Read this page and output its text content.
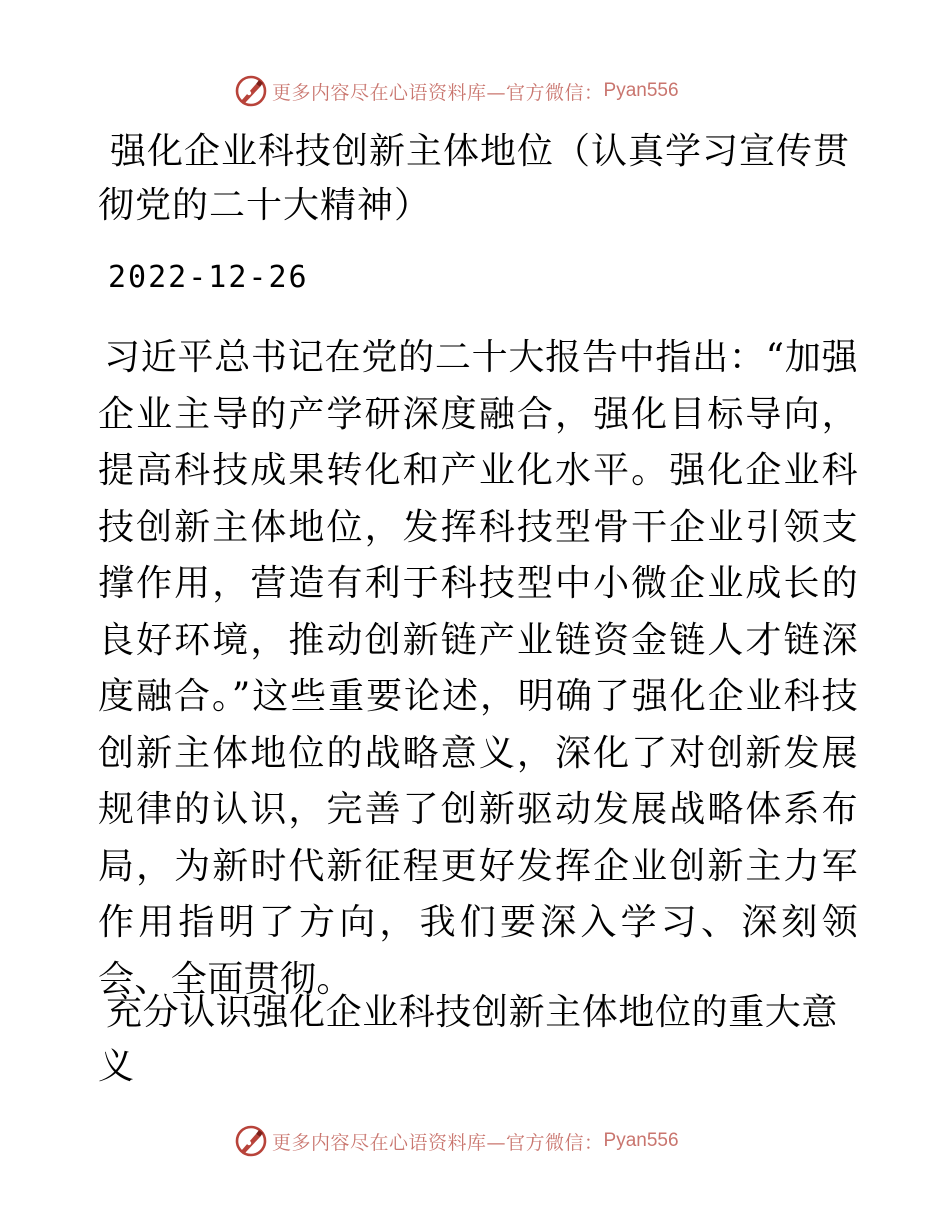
更多内容尽在心语资料库—官方微信： Pyan556

强化企业科技创新主体地位（认真学习宣传贯彻党的二十大精神）

2022-12-26

习近平总书记在党的二十大报告中指出：“加强企业主导的产学研深度融合，强化目标导向，提高科技成果转化和产业化水平。强化企业科技创新主体地位，发挥科技型骨干企业引领支撑作用，营造有利于科技型中小微企业成长的良好环境，推动创新链产业链资金链人才链深度融合。”这些重要论述，明确了强化企业科技创新主体地位的战略意义，深化了对创新发展规律的认识，完善了创新驱动发展战略体系布局，为新时代新征程更好发挥企业创新主力军作用指明了方向，我们要深入学习、深刻领会、全面贯彻。

充分认识强化企业科技创新主体地位的重大意义

更多内容尽在心语资料库—官方微信： Pyan556
